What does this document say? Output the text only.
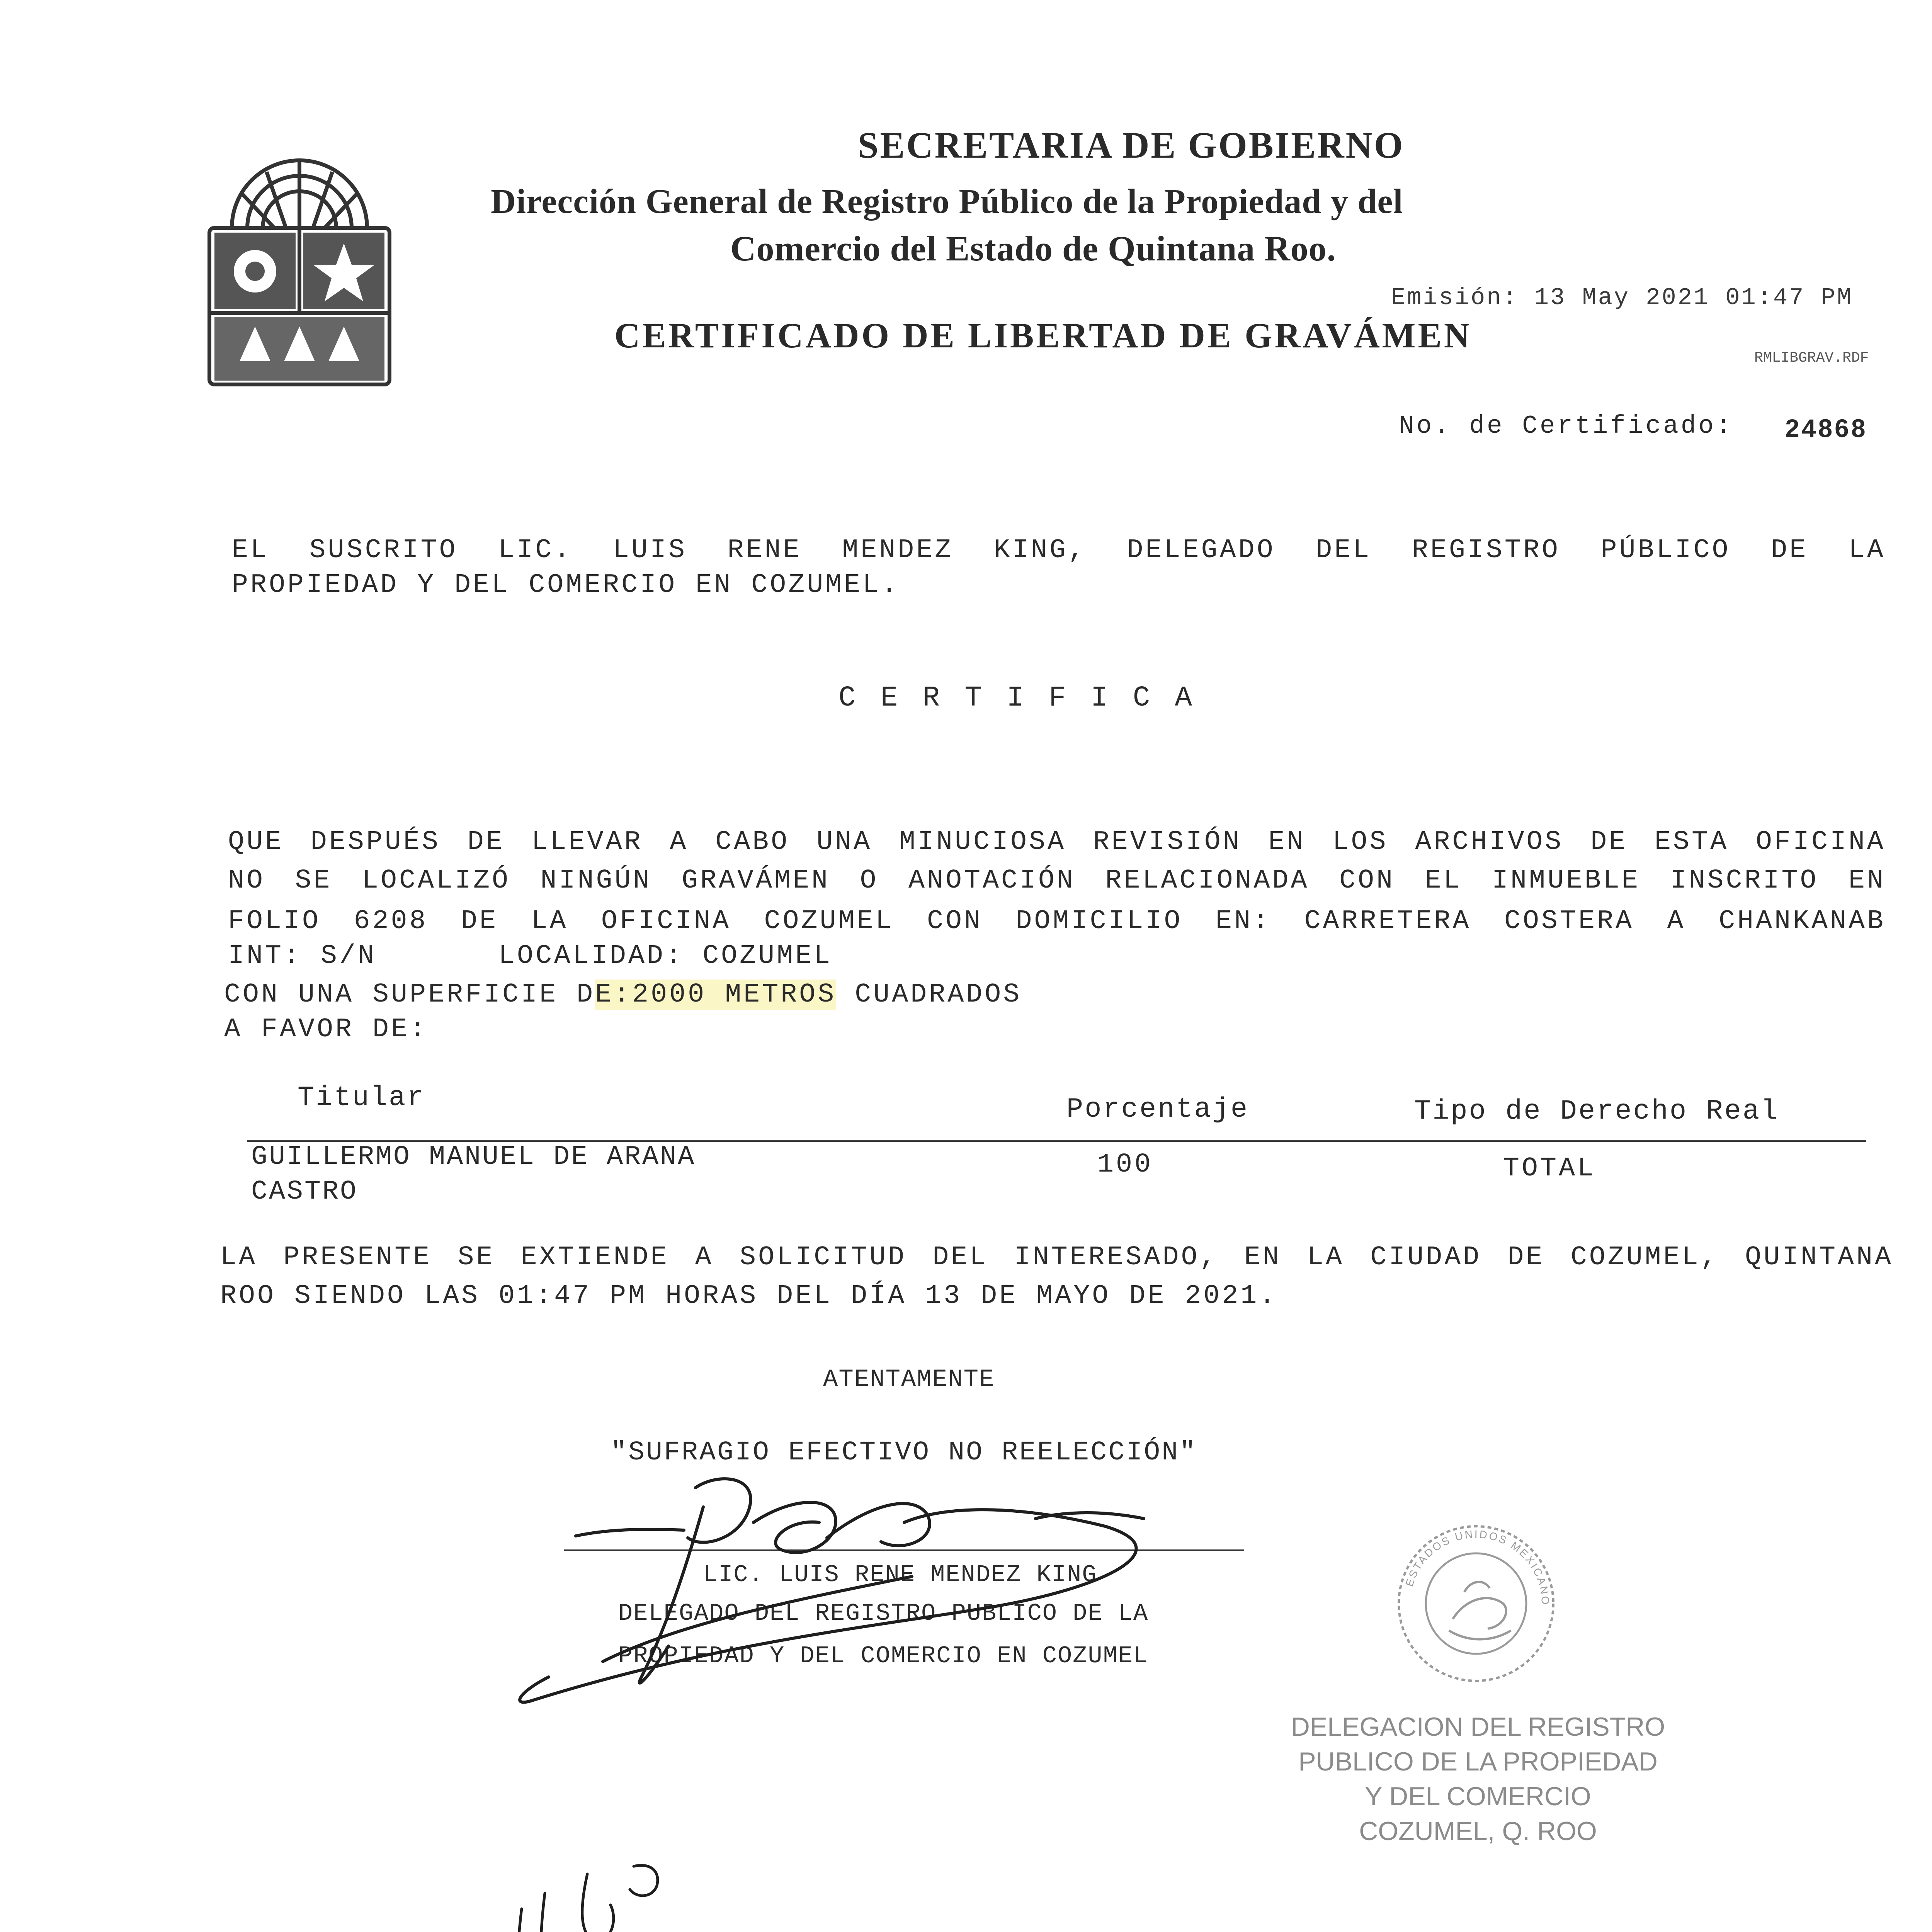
SECRETARIA DE GOBIERNO
Dirección General de Registro Público de la Propiedad y del
Comercio del Estado de Quintana Roo.
Emisión: 13 May 2021 01:47 PM
CERTIFICADO DE LIBERTAD DE GRAVÁMEN
RMLIBGRAV.RDF
No. de Certificado: 24868
EL SUSCRITO LIC. LUIS RENE MENDEZ KING, DELEGADO DEL REGISTRO PÚBLICO DE LA
PROPIEDAD Y DEL COMERCIO EN COZUMEL.
C E R T I F I C A
QUE DESPUÉS DE LLEVAR A CABO UNA MINUCIOSA REVISIÓN EN LOS ARCHIVOS DE ESTA OFICINA
NO SE LOCALIZÓ NINGÚN GRAVÁMEN O ANOTACIÓN RELACIONADA CON EL INMUEBLE INSCRITO EN
FOLIO 6208 DE LA OFICINA COZUMEL CON DOMICILIO EN: CARRETERA COSTERA A CHANKANAB
INT: S/N	LOCALIDAD: COZUMEL
CON UNA SUPERFICIE DE:2000 METROS CUADRADOS
A FAVOR DE:
Titular	Porcentaje	Tipo de Derecho Real
GUILLERMO MANUEL DE ARANA
CASTRO
100	TOTAL
LA PRESENTE SE EXTIENDE A SOLICITUD DEL INTERESADO, EN LA CIUDAD DE COZUMEL, QUINTANA
ROO SIENDO LAS 01:47 PM HORAS DEL DÍA 13 DE MAYO DE 2021.
ATENTAMENTE
"SUFRAGIO EFECTIVO NO REELECCIÓN"
LIC. LUIS RENE MENDEZ KING
DELEGADO DEL REGISTRO PUBLICO DE LA
PROPIEDAD Y DEL COMERCIO EN COZUMEL
ESTADOS UNIDOS MEXICANO
DELEGACION DEL REGISTRO
PUBLICO DE LA PROPIEDAD
Y DEL COMERCIO
COZUMEL, Q. ROO
